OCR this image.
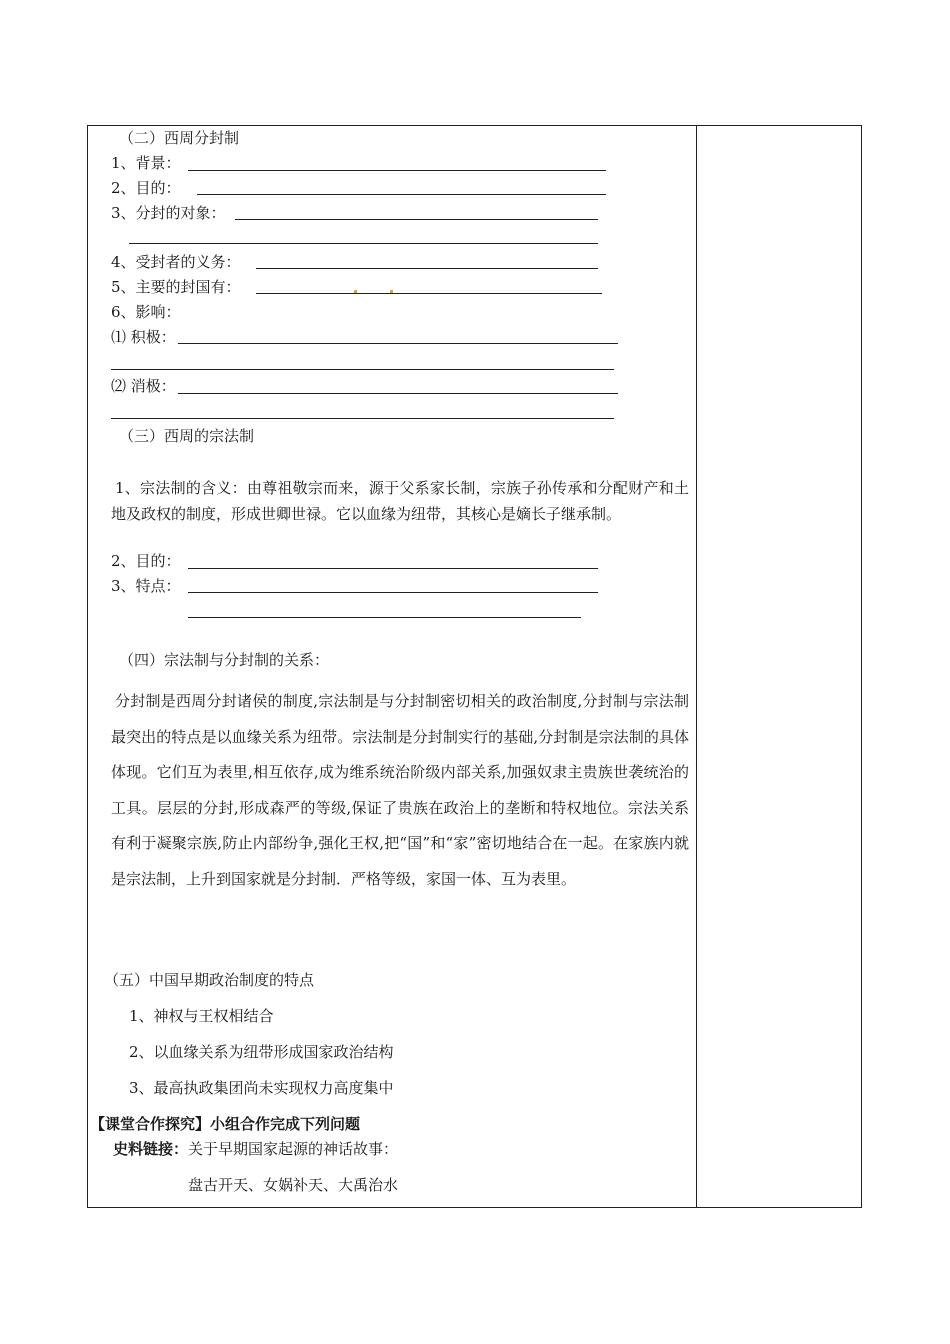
（二）西周分封制
1、背景：
2、目的：
3、分封的对象：
4、受封者的义务：
5、主要的封国有：
6、影响：
⑴ 积极：
⑵ 消极：
（三）西周的宗法制
1、宗法制的含义：由尊祖敬宗而来，源于父系家长制，宗族子孙传承和分配财产和土地及政权的制度，形成世卿世禄。它以血缘为纽带，其核心是嫡长子继承制。
2、目的：
3、特点：
（四）宗法制与分封制的关系：
分封制是西周分封诸侯的制度,宗法制是与分封制密切相关的政治制度,分封制与宗法制最突出的特点是以血缘关系为纽带。宗法制是分封制实行的基础,分封制是宗法制的具体体现。它们互为表里,相互依存,成为维系统治阶级内部关系,加强奴隶主贵族世袭统治的工具。层层的分封,形成森严的等级,保证了贵族在政治上的垄断和特权地位。宗法关系有利于凝聚宗族,防止内部纷争,强化王权,把“国”和“家”密切地结合在一起。在家族内就是宗法制，上升到国家就是分封制．严格等级，家国一体、互为表里。
（五）中国早期政治制度的特点
1、神权与王权相结合
2、以血缘关系为纽带形成国家政治结构
3、最高执政集团尚未实现权力高度集中
【课堂合作探究】小组合作完成下列问题
史料链接：关于早期国家起源的神话故事：
盘古开天、女娲补天、大禹治水
